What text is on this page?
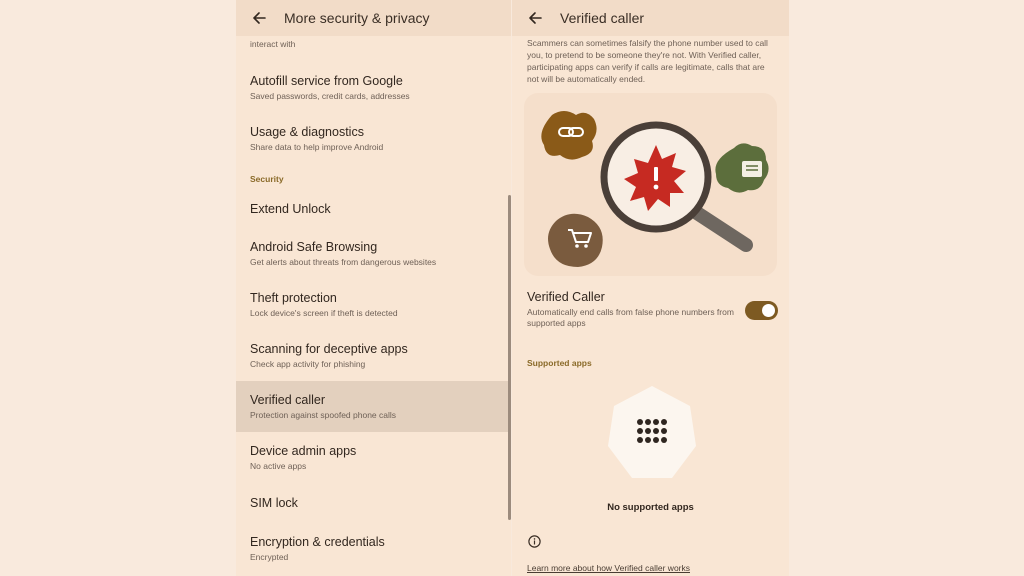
More security & privacy
interact with
Autofill service from Google
Saved passwords, credit cards, addresses
Usage & diagnostics
Share data to help improve Android
Security
Extend Unlock
Android Safe Browsing
Get alerts about threats from dangerous websites
Theft protection
Lock device's screen if theft is detected
Scanning for deceptive apps
Check app activity for phishing
Verified caller
Protection against spoofed phone calls
Device admin apps
No active apps
SIM lock
Encryption & credentials
Encrypted
Verified caller
Scammers can sometimes falsify the phone number used to call you, to pretend to be someone they're not. With Verified caller, participating apps can verify if calls are legitimate, calls that are not will be automatically ended.
Verified Caller
Automatically end calls from false phone numbers from supported apps
Supported apps
No supported apps
Learn more about how Verified caller works
